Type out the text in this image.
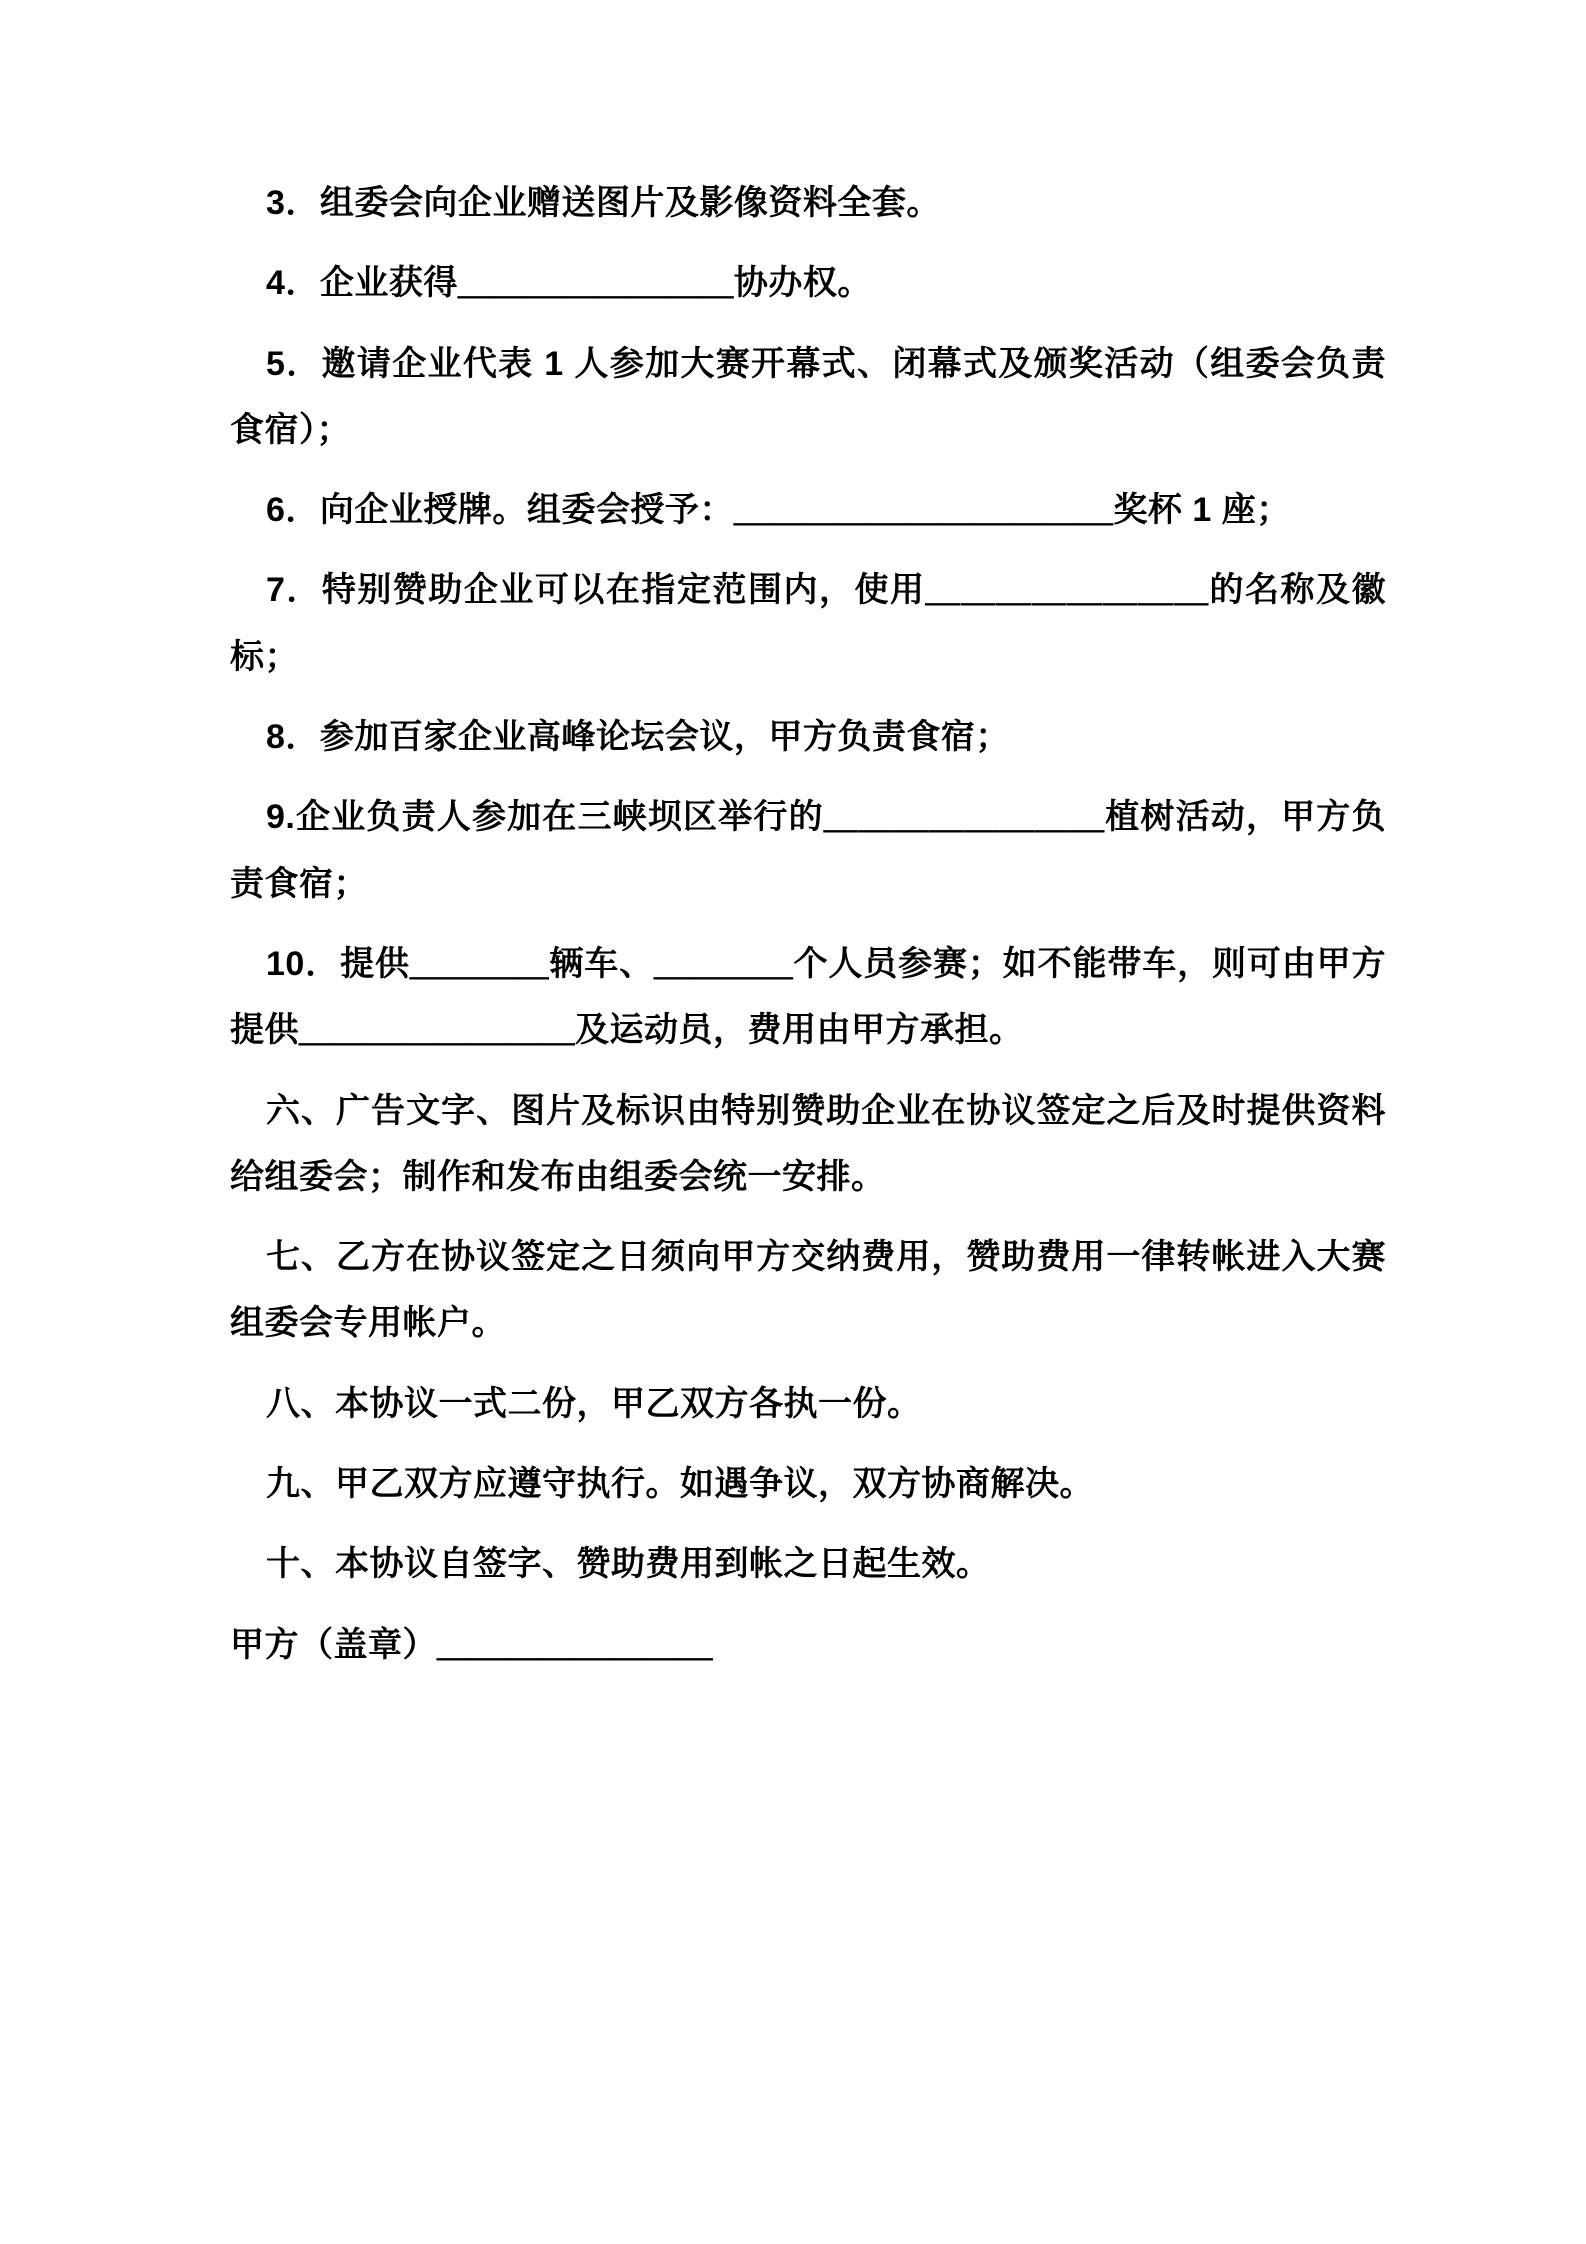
3．组委会向企业赠送图片及影像资料全套。

4．企业获得＿＿＿＿＿＿＿＿协办权。

5．邀请企业代表 1 人参加大赛开幕式、闭幕式及颁奖活动（组委会负责食宿）；

6．向企业授牌。组委会授予：＿＿＿＿＿＿＿＿＿＿＿奖杯 1 座；

7．特别赞助企业可以在指定范围内，使用＿＿＿＿＿＿＿＿的名称及徽标；

8．参加百家企业高峰论坛会议，甲方负责食宿；

9.企业负责人参加在三峡坝区举行的＿＿＿＿＿＿＿＿植树活动，甲方负责食宿；

10．提供＿＿＿＿辆车、＿＿＿＿个人员参赛；如不能带车，则可由甲方提供＿＿＿＿＿＿＿＿及运动员，费用由甲方承担。

六、广告文字、图片及标识由特别赞助企业在协议签定之后及时提供资料给组委会；制作和发布由组委会统一安排。

七、乙方在协议签定之日须向甲方交纳费用，赞助费用一律转帐进入大赛组委会专用帐户。

八、本协议一式二份，甲乙双方各执一份。

九、甲乙双方应遵守执行。如遇争议，双方协商解决。

十、本协议自签字、赞助费用到帐之日起生效。

甲方（盖章）＿＿＿＿＿＿＿＿
